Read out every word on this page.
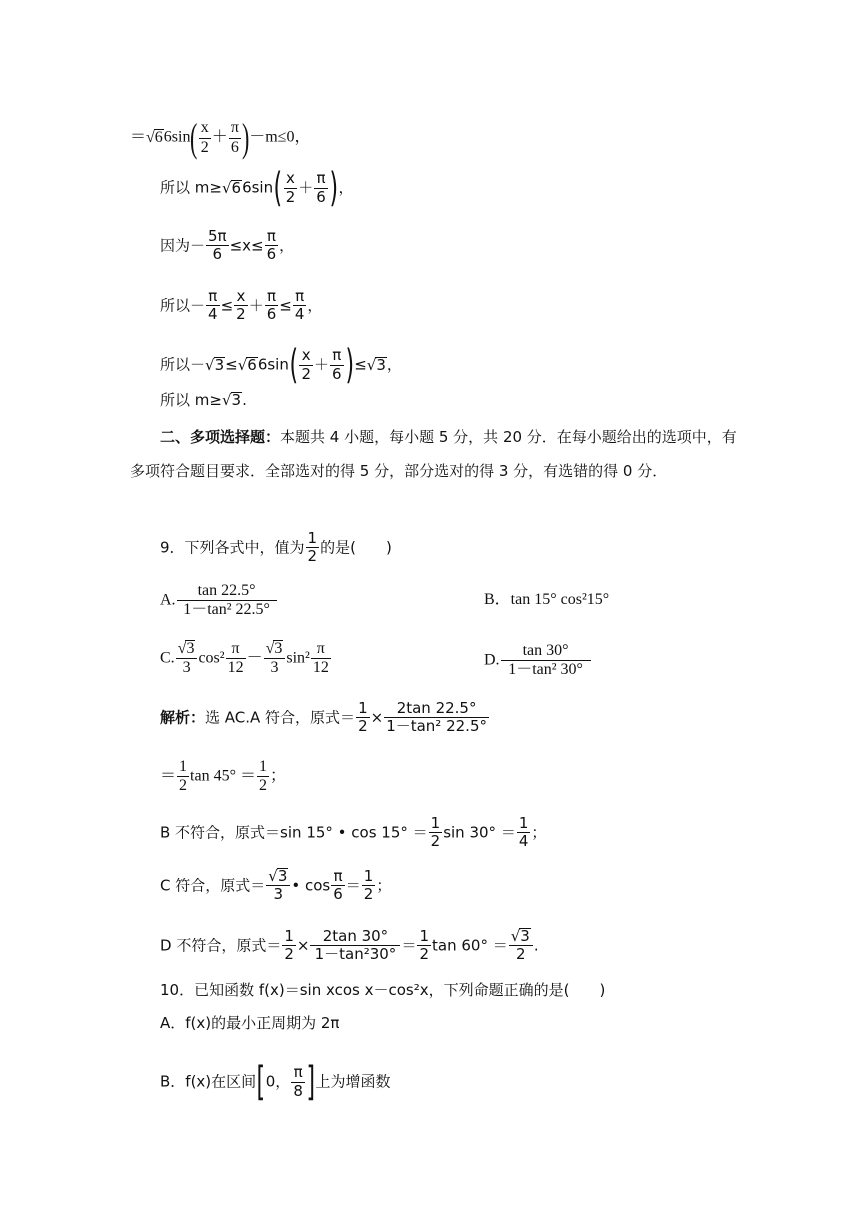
$=√66\sin( \frac{x}{2} + \frac{\pi}{6} )-m\le 0$，
所以 $m\ge√66\sin( \frac{x}{2} + \frac{\pi}{6}$ )，
因为－ $\frac{5\pi}{6} \le x\le \frac{\pi}{6}$ ，
所以－ $\frac{\pi}{4} \le \frac{x}{2} + \frac{\pi}{6} \le \frac{\pi}{4}$ ，
所以$-√3\le√66\sin( \frac{x}{2} + \frac{\pi}{6} )\le√3$，
所以 m≥√3.
二、多项选择题：本题共 4 小题，每小题 5 分，共 20 分．在每小题给出的选项中，有多项符合题目要求．全部选对的得 5 分，部分选对的得 3 分，有选错的得 0 分．
9．下列各式中，值为 $\frac{1}{2}$ 的是(　　)
A. $\frac{\tan 22.5^\circ}{\text{1－tan² 22.5°}}$	B．tan 15° cos²15°
C. $\frac{√3}{3} \cos^2 \frac{\pi}{12} - \frac{√3}{3} \sin^2 \frac{\pi}{12}$	D. $\frac{\tan 30^\circ}{\text{1－tan² 30°}}$
解析：选 AC.A 符合，原式＝ $\frac{1}{2} \times \frac{2\tan 22.5^\circ}{\text{1－tan² 22.5°}}$
＝ $\frac{1}{2}$ $\tan 45^\circ = \frac{1}{2}$ ；
B 不符合，原式＝sin 15° • $\cos 15^\circ = \frac{1}{2}$ $\sin 30^\circ = \frac{1}{4}$ ；
C 符合，原式＝ $\frac{√3}{3}$ • $\cos \frac{\pi}{6} = \frac{1}{2}$ ；
D 不符合，原式＝ $\frac{1}{2} \times \frac{2\tan 30^\circ}{\text{1－tan²30°}} = \frac{1}{2}$ $\tan 60^\circ = \frac{√3}{2}$ .
10．已知函数 f(x)＝sin xcos x－cos²x，下列命题正确的是(　　)
A．f(x)的最小正周期为 2π
B．f(x)在区间[0， $\frac{\pi}{8}$ ]上为增函数
